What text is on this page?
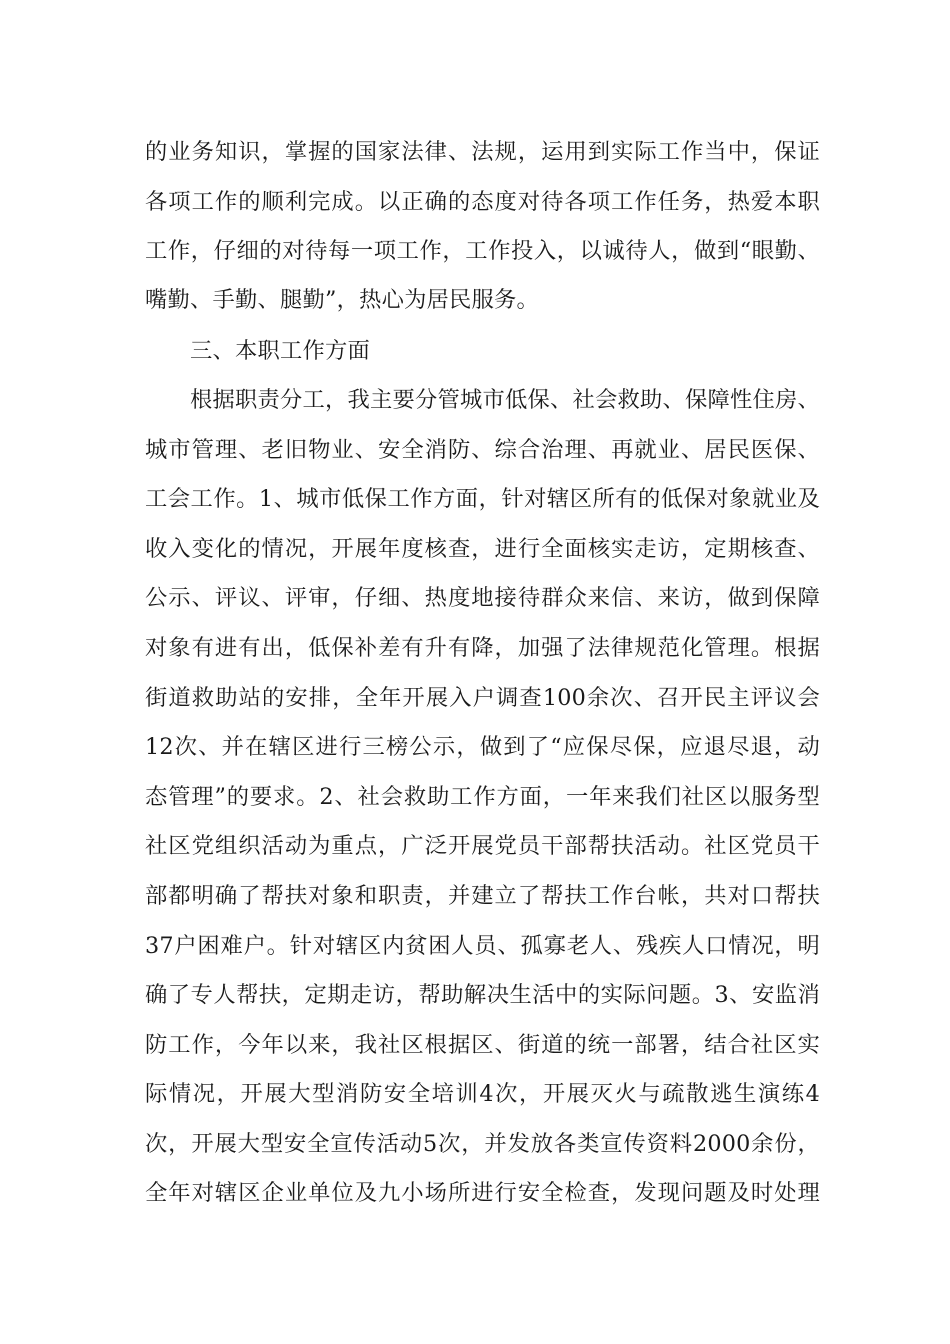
的业务知识，掌握的国家法律、法规，运用到实际工作当中，保证
各项工作的顺利完成。以正确的态度对待各项工作任务，热爱本职
工作，仔细的对待每一项工作，工作投入，以诚待人，做到“眼勤、
嘴勤、手勤、腿勤”，热心为居民服务。
三、本职工作方面
根据职责分工，我主要分管城市低保、社会救助、保障性住房、
城市管理、老旧物业、安全消防、综合治理、再就业、居民医保、
工会工作。1、城市低保工作方面，针对辖区所有的低保对象就业及
收入变化的情况，开展年度核查，进行全面核实走访，定期核查、
公示、评议、评审，仔细、热度地接待群众来信、来访，做到保障
对象有进有出，低保补差有升有降，加强了法律规范化管理。根据
街道救助站的安排，全年开展入户调查100余次、召开民主评议会
12次、并在辖区进行三榜公示，做到了“应保尽保，应退尽退，动
态管理”的要求。2、社会救助工作方面，一年来我们社区以服务型
社区党组织活动为重点，广泛开展党员干部帮扶活动。社区党员干
部都明确了帮扶对象和职责，并建立了帮扶工作台帐，共对口帮扶
37户困难户。针对辖区内贫困人员、孤寡老人、残疾人口情况，明
确了专人帮扶，定期走访，帮助解决生活中的实际问题。3、安监消
防工作，今年以来，我社区根据区、街道的统一部署，结合社区实
际情况，开展大型消防安全培训4次，开展灭火与疏散逃生演练4
次，开展大型安全宣传活动5次，并发放各类宣传资料2000余份，
全年对辖区企业单位及九小场所进行安全检查，发现问题及时处理
